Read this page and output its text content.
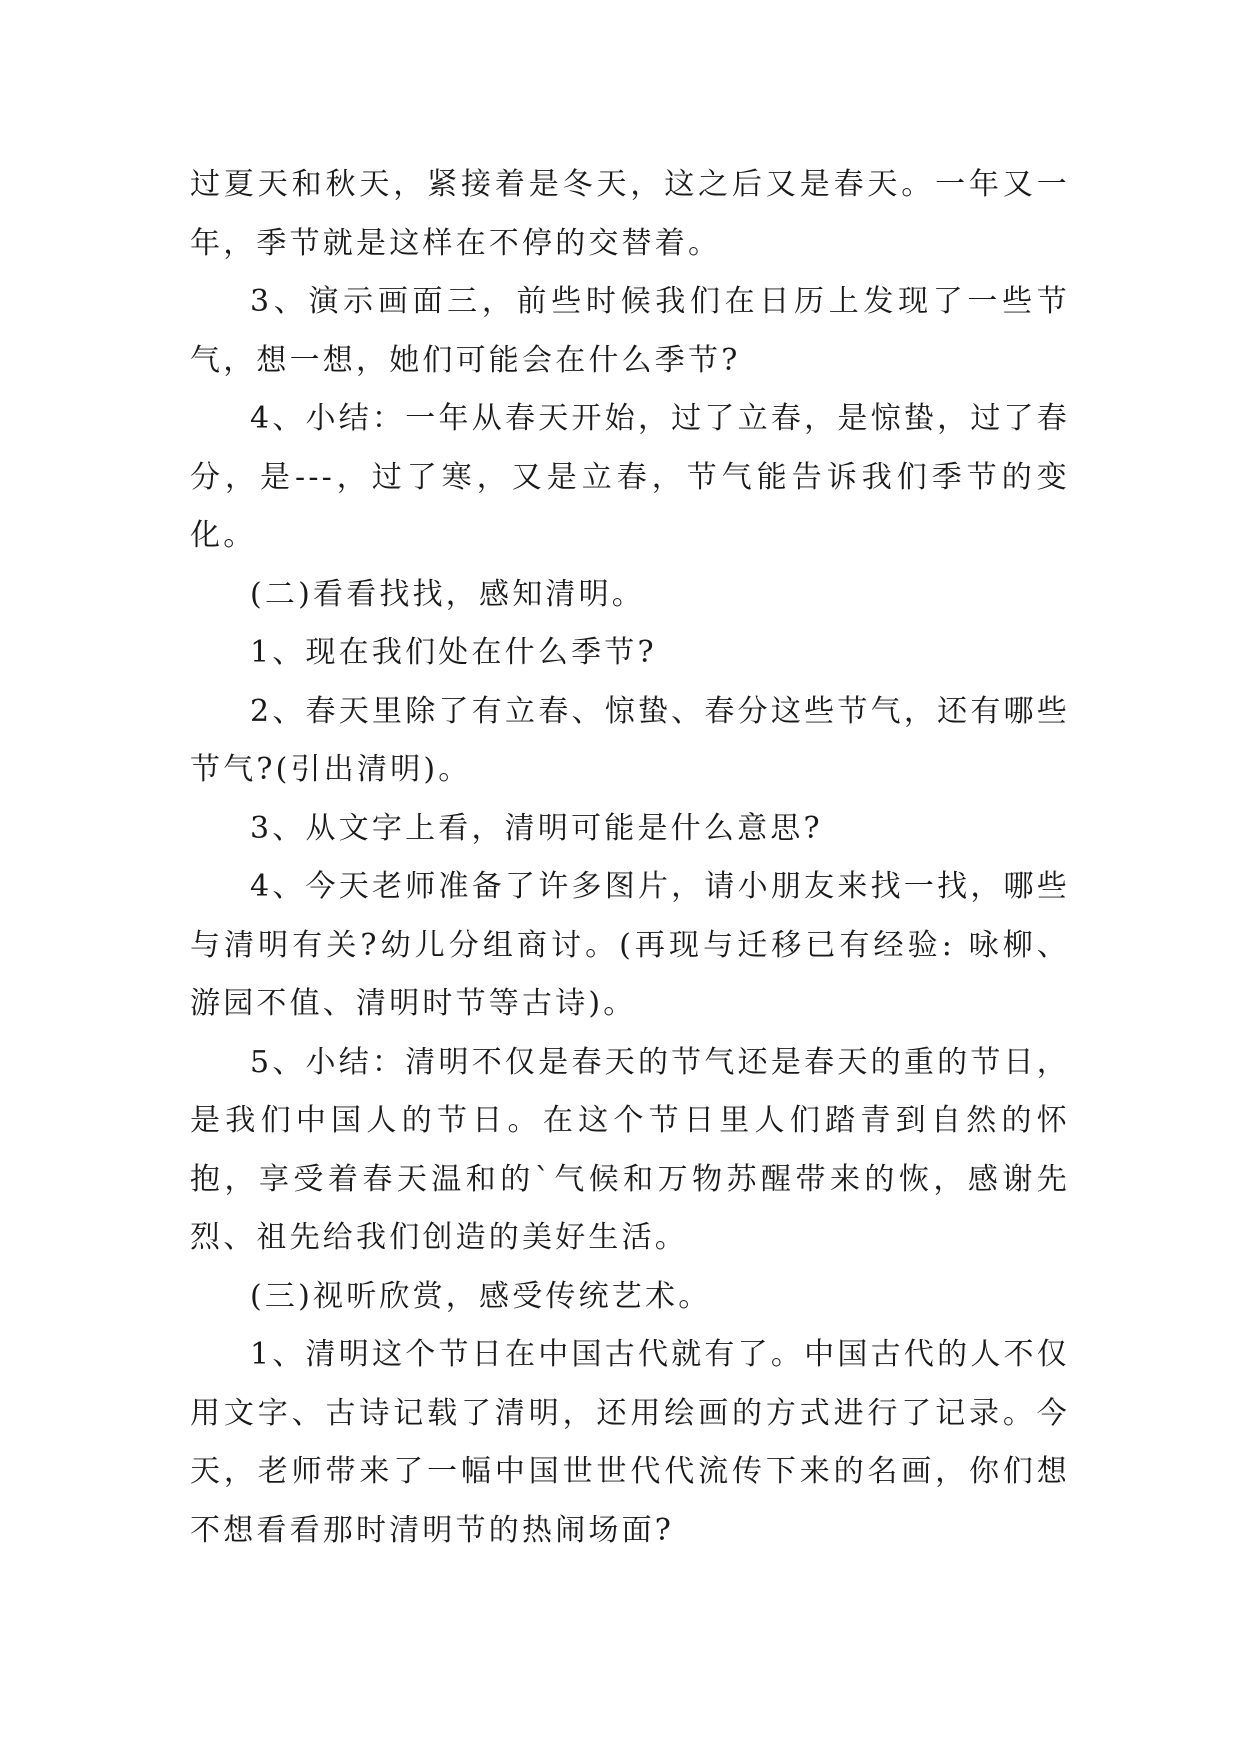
过夏天和秋天，紧接着是冬天，这之后又是春天。一年又一年，季节就是这样在不停的交替着。

3、演示画面三，前些时候我们在日历上发现了一些节气，想一想，她们可能会在什么季节?

4、小结：一年从春天开始，过了立春，是惊蛰，过了春分，是---，过了寒，又是立春，节气能告诉我们季节的变化。

(二)看看找找，感知清明。

1、现在我们处在什么季节?

2、春天里除了有立春、惊蛰、春分这些节气，还有哪些节气?(引出清明)。

3、从文字上看，清明可能是什么意思?

4、今天老师准备了许多图片，请小朋友来找一找，哪些与清明有关?幼儿分组商讨。(再现与迁移已有经验: 咏柳、游园不值、清明时节等古诗)。

5、小结：清明不仅是春天的节气还是春天的重的节日，是我们中国人的节日。在这个节日里人们踏青到自然的怀抱，享受着春天温和的`气候和万物苏醒带来的恢，感谢先烈、祖先给我们创造的美好生活。

(三)视听欣赏，感受传统艺术。

1、清明这个节日在中国古代就有了。中国古代的人不仅用文字、古诗记载了清明，还用绘画的方式进行了记录。今天，老师带来了一幅中国世世代代流传下来的名画，你们想不想看看那时清明节的热闹场面?
